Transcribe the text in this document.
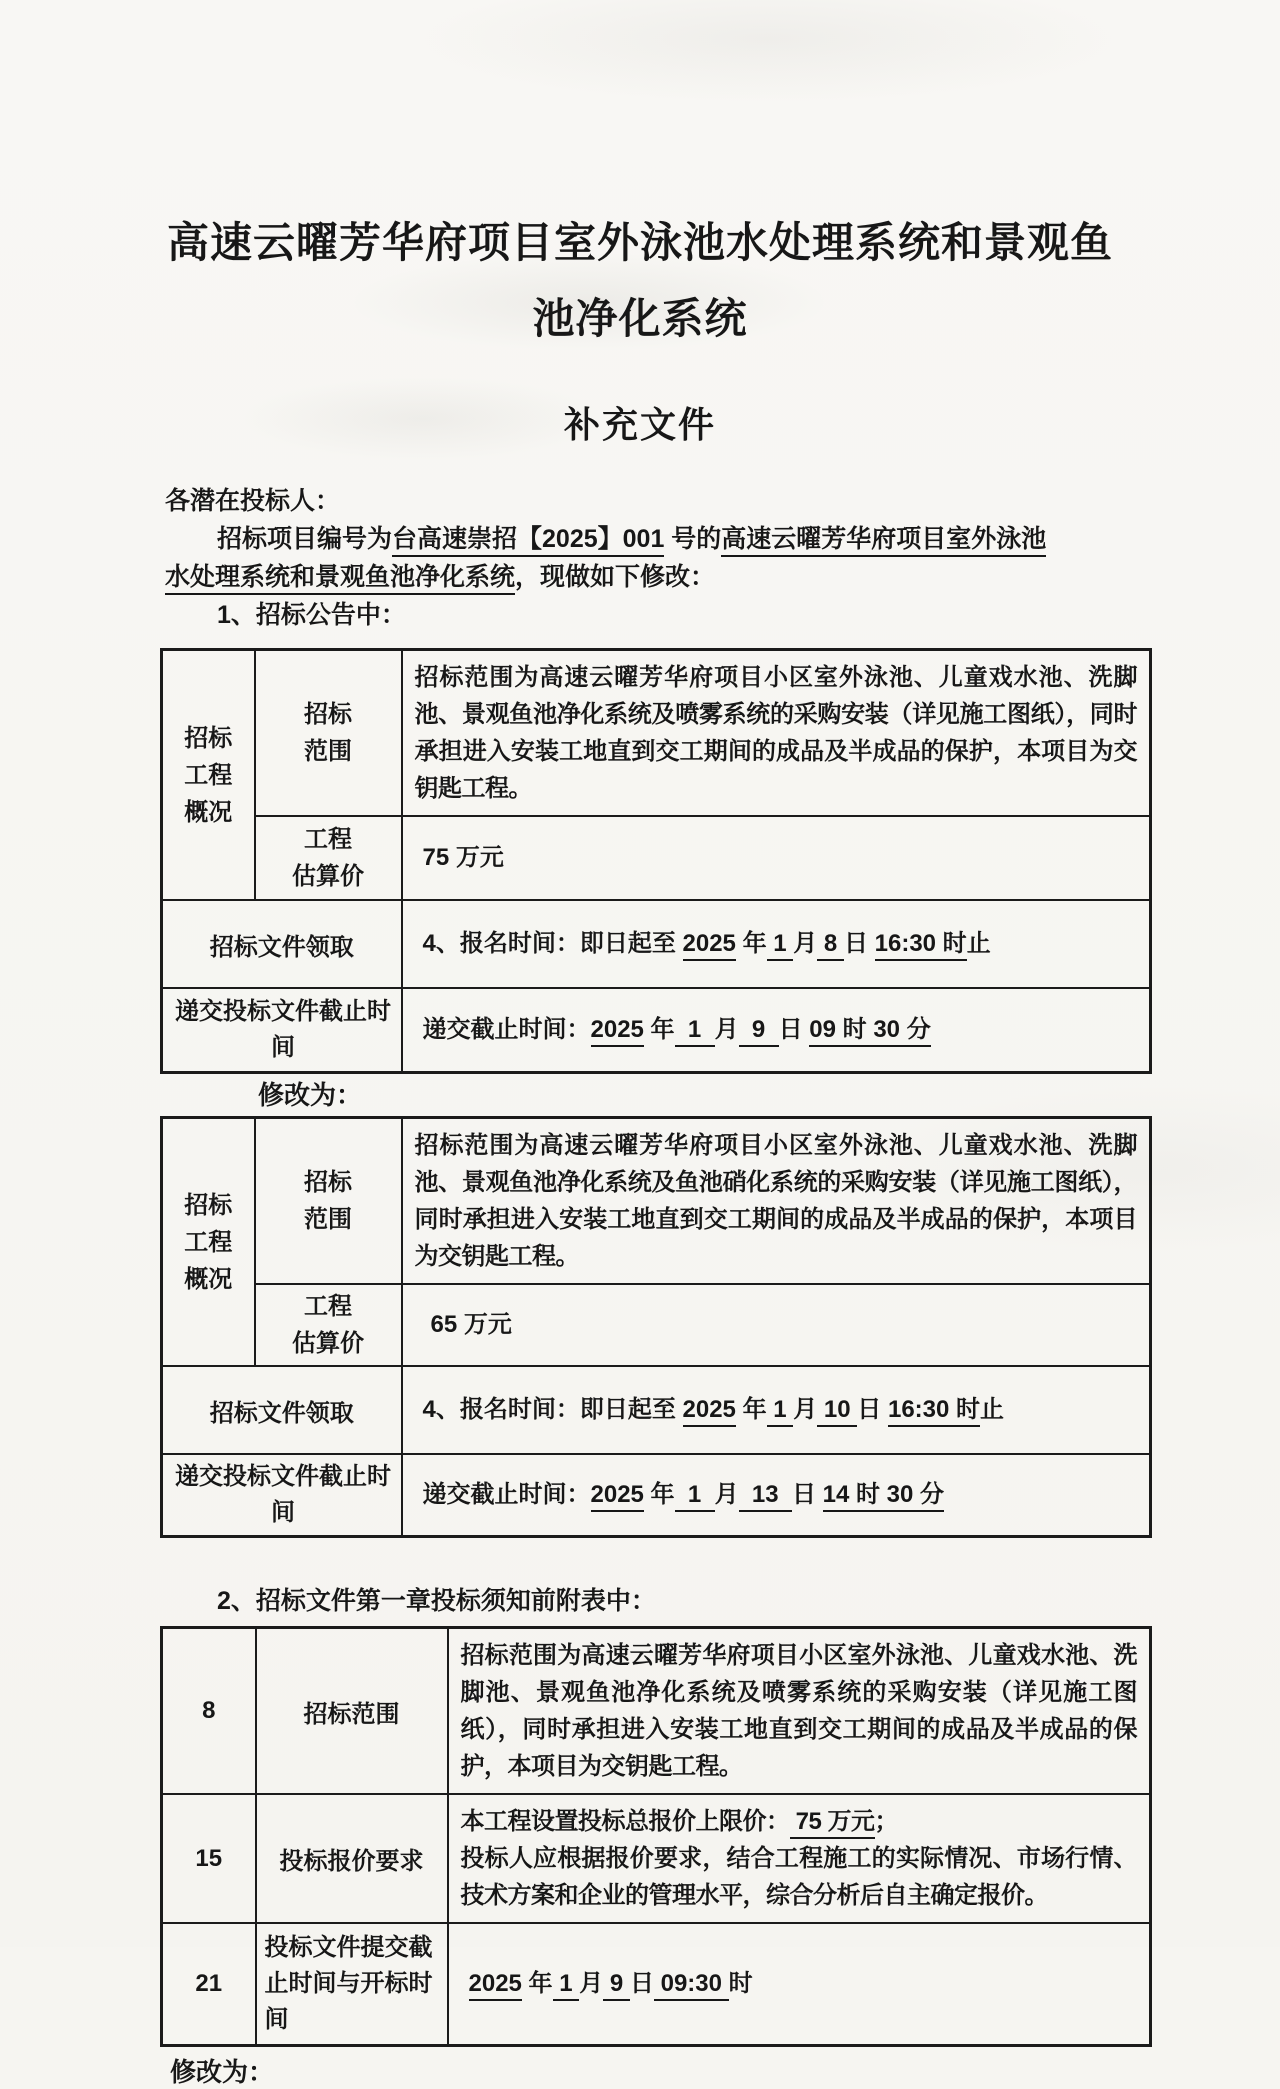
高速云曜芳华府项目室外泳池水处理系统和景观鱼
池净化系统
补充文件
各潜在投标人：
招标项目编号为台高速崇招【2025】001 号的高速云曜芳华府项目室外泳池
水处理系统和景观鱼池净化系统，现做如下修改：
1、招标公告中：
招标工程概况	招标范围	招标范围为高速云曜芳华府项目小区室外泳池、儿童戏水池、洗脚池、景观鱼池净化系统及喷雾系统的采购安装（详见施工图纸），同时承担进入安装工地直到交工期间的成品及半成品的保护，本项目为交钥匙工程。

	工程
估算价	75 万元
招标文件领取		4、报名时间：即日起至 2025 年 1 月 8 日 16:30 时止
递交投标文件截止时间		递交截止时间：2025 年  1  月  9  日 09 时 30 分
修改为：
招标工程概况	招标范围	招标范围为高速云曜芳华府项目小区室外泳池、儿童戏水池、洗脚池、景观鱼池净化系统及鱼池硝化系统的采购安装（详见施工图纸），同时承担进入安装工地直到交工期间的成品及半成品的保护，本项目为交钥匙工程。

	工程
估算价	65 万元
招标文件领取		4、报名时间：即日起至 2025 年 1 月 10 日 16:30 时止
递交投标文件截止时间		递交截止时间：2025 年  1  月  13  日 14 时 30 分
2、招标文件第一章投标须知前附表中：
8	招标范围	招标范围为高速云曜芳华府项目小区室外泳池、儿童戏水池、洗脚池、景观鱼池净化系统及喷雾系统的采购安装（详见施工图纸），同时承担进入安装工地直到交工期间的成品及半成品的保护，本项目为交钥匙工程。
15	投标报价要求	本工程设置投标总报价上限价： 75 万元；
投标人应根据报价要求，结合工程施工的实际情况、市场行情、技术方案和企业的管理水平，综合分析后自主确定报价。

21	投标文件提交截止时间与开标时间	2025 年 1 月 9 日 09:30 时
修改为：
